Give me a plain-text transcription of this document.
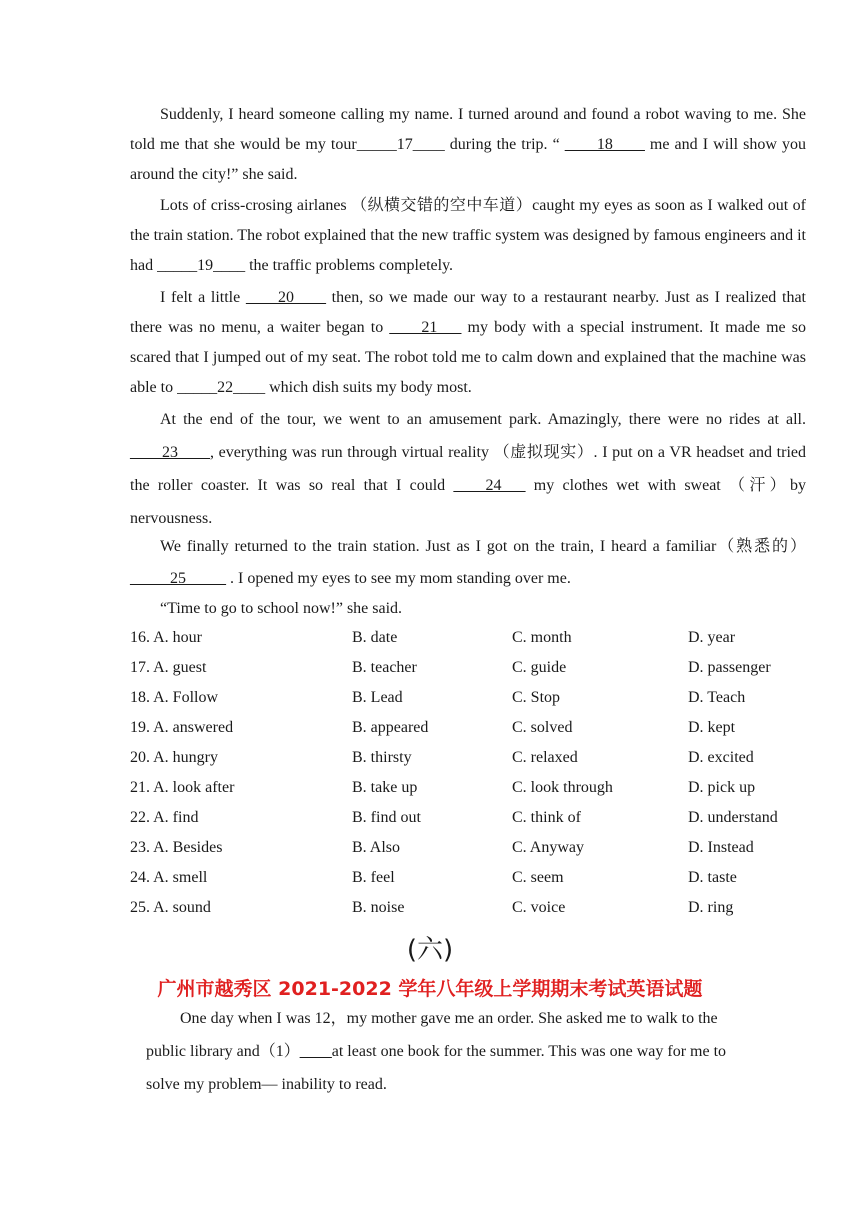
Suddenly, I heard someone calling my name. I turned around and found a robot waving to me. She told me that she would be my tour_____17____ during the trip. “ ____18____ me and I will show you around the city!” she said.

Lots of criss-crosing airlanes （纵横交错的空中车道）caught my eyes as soon as I walked out of the train station. The robot explained that the new traffic system was designed by famous engineers and it had _____19____ the traffic problems completely.

I felt a little ____20____ then, so we made our way to a restaurant nearby. Just as I realized that there was no menu, a waiter began to ____21___ my body with a special instrument. It made me so scared that I jumped out of my seat. The robot told me to calm down and explained that the machine was able to _____22____ which dish suits my body most.

At the end of the tour, we went to an amusement park. Amazingly, there were no rides at all. ____23____, everything was run through virtual reality （虚拟现实）. I put on a VR headset and tried the roller coaster. It was so real that I could ____24___ my clothes wet with sweat （汗）by nervousness.

We finally returned to the train station. Just as I got on the train, I heard a familiar（熟悉的）_____25_____ . I opened my eyes to see my mom standing over me.

“Time to go to school now!” she said.

16. A. hour	B. date	C. month	D. year
17. A. guest	B. teacher	C. guide	D. passenger
18. A. Follow	B. Lead	C. Stop	D. Teach
19. A. answered	B. appeared	C. solved	D. kept
20. A. hungry	B. thirsty	C. relaxed	D. excited
21. A. look after	B. take up	C. look through	D. pick up
22. A. find	B. find out	C. think of	D. understand
23. A. Besides	B. Also	C. Anyway	D. Instead
24. A. smell	B. feel	C. seem	D. taste
25. A. sound	B. noise	C. voice	D. ring
(六)
广州市越秀区 2021-2022 学年八年级上学期期末考试英语试题

One day when I was 12，my mother gave me an order. She asked me to walk to the public library and（1）____at least one book for the summer. This was one way for me to solve my problem— inability to read.
